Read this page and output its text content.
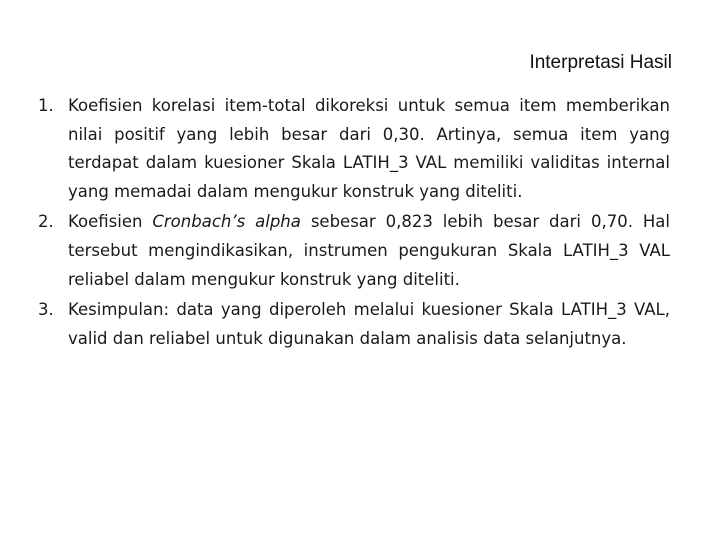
Interpretasi Hasil
1. Koefisien korelasi item-total dikoreksi untuk semua item memberikan nilai positif yang lebih besar dari 0,30. Artinya, semua item yang terdapat dalam kuesioner Skala LATIH_3 VAL memiliki validitas internal yang memadai dalam mengukur konstruk yang diteliti.
2. Koefisien Cronbach’s alpha sebesar 0,823 lebih besar dari 0,70. Hal tersebut mengindikasikan, instrumen pengukuran Skala LATIH_3 VAL reliabel dalam mengukur konstruk yang diteliti.
3. Kesimpulan: data yang diperoleh melalui kuesioner Skala LATIH_3 VAL, valid dan reliabel untuk digunakan dalam analisis data selanjutnya.
